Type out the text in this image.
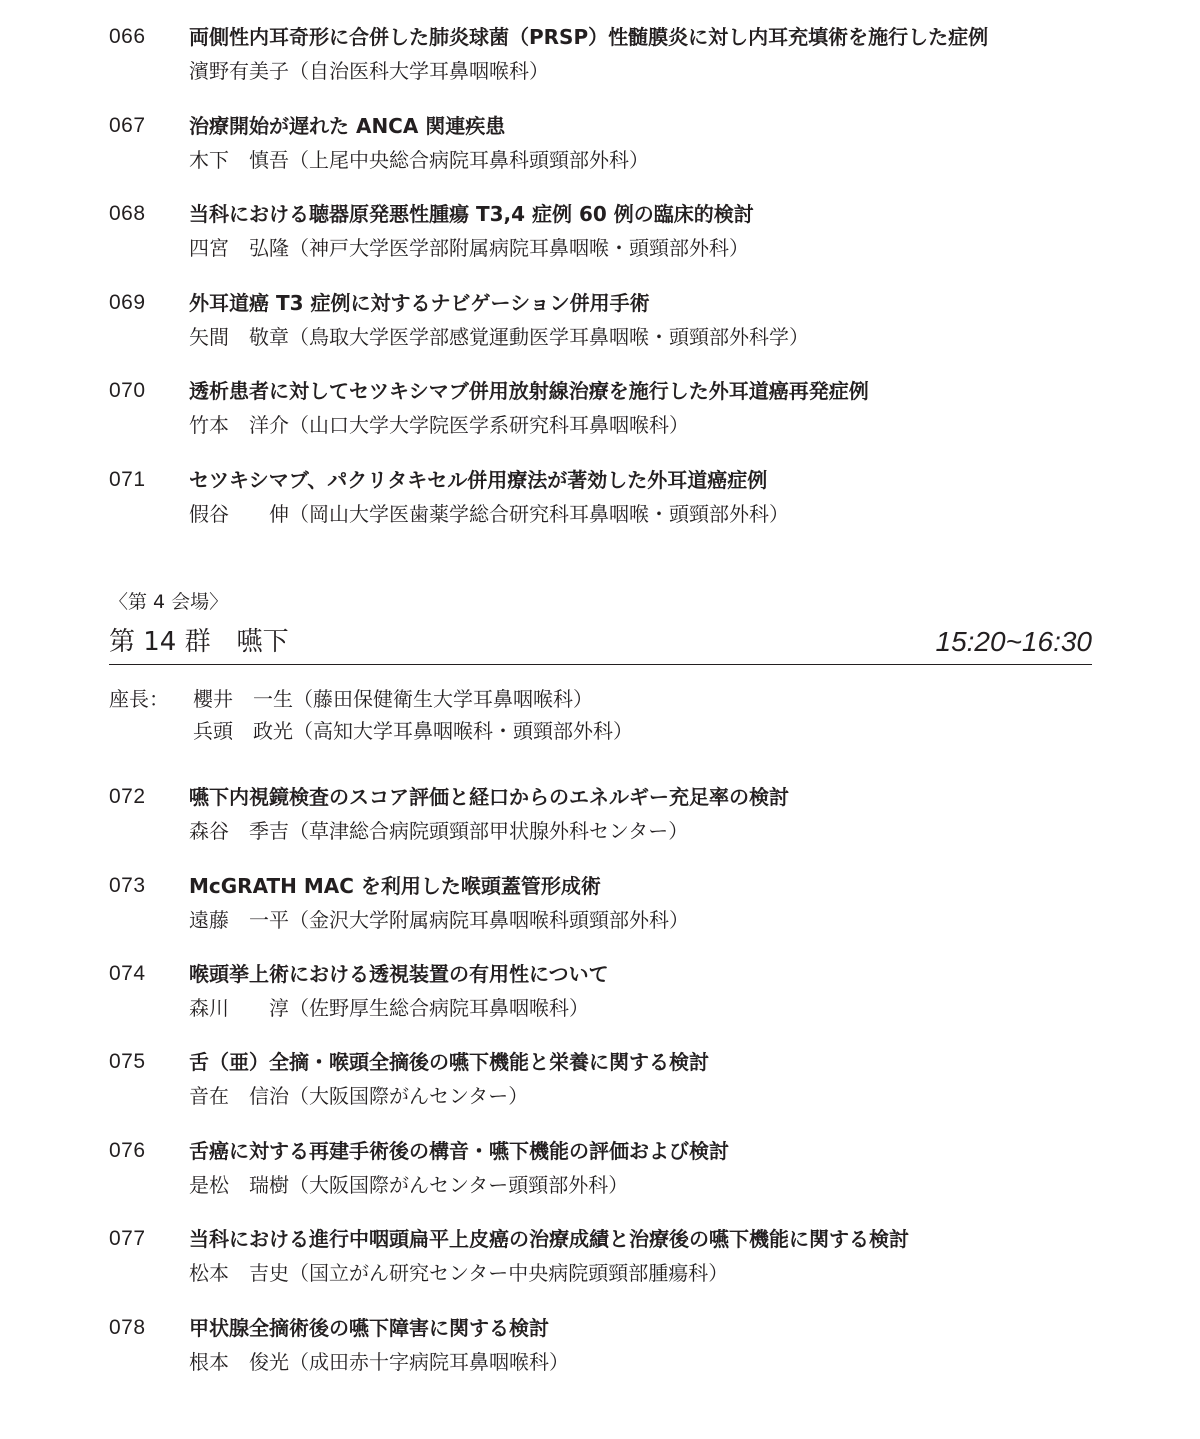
066 両側性内耳奇形に合併した肺炎球菌（PRSP）性髄膜炎に対し内耳充填術を施行した症例
濱野有美子（自治医科大学耳鼻咽喉科）
067 治療開始が遅れた ANCA 関連疾患
木下　慎吾（上尾中央総合病院耳鼻科頭頸部外科）
068 当科における聴器原発悪性腫瘍 T3,4 症例 60 例の臨床的検討
四宮　弘隆（神戸大学医学部附属病院耳鼻咽喉・頭頸部外科）
069 外耳道癌 T3 症例に対するナビゲーション併用手術
矢間　敬章（鳥取大学医学部感覚運動医学耳鼻咽喉・頭頸部外科学）
070 透析患者に対してセツキシマブ併用放射線治療を施行した外耳道癌再発症例
竹本　洋介（山口大学大学院医学系研究科耳鼻咽喉科）
071 セツキシマブ、パクリタキセル併用療法が著効した外耳道癌症例
假谷　　伸（岡山大学医歯薬学総合研究科耳鼻咽喉・頭頸部外科）
〈第 4 会場〉
第 14 群　嚥下	15:20~16:30
座長： 櫻井　一生（藤田保健衛生大学耳鼻咽喉科）
兵頭　政光（高知大学耳鼻咽喉科・頭頸部外科）
072 嚥下内視鏡検査のスコア評価と経口からのエネルギー充足率の検討
森谷　季吉（草津総合病院頭頸部甲状腺外科センター）
073 McGRATH MAC を利用した喉頭蓋管形成術
遠藤　一平（金沢大学附属病院耳鼻咽喉科頭頸部外科）
074 喉頭挙上術における透視装置の有用性について
森川　　淳（佐野厚生総合病院耳鼻咽喉科）
075 舌（亜）全摘・喉頭全摘後の嚥下機能と栄養に関する検討
音在　信治（大阪国際がんセンター）
076 舌癌に対する再建手術後の構音・嚥下機能の評価および検討
是松　瑞樹（大阪国際がんセンター頭頸部外科）
077 当科における進行中咽頭扁平上皮癌の治療成績と治療後の嚥下機能に関する検討
松本　吉史（国立がん研究センター中央病院頭頸部腫瘍科）
078 甲状腺全摘術後の嚥下障害に関する検討
根本　俊光（成田赤十字病院耳鼻咽喉科）
